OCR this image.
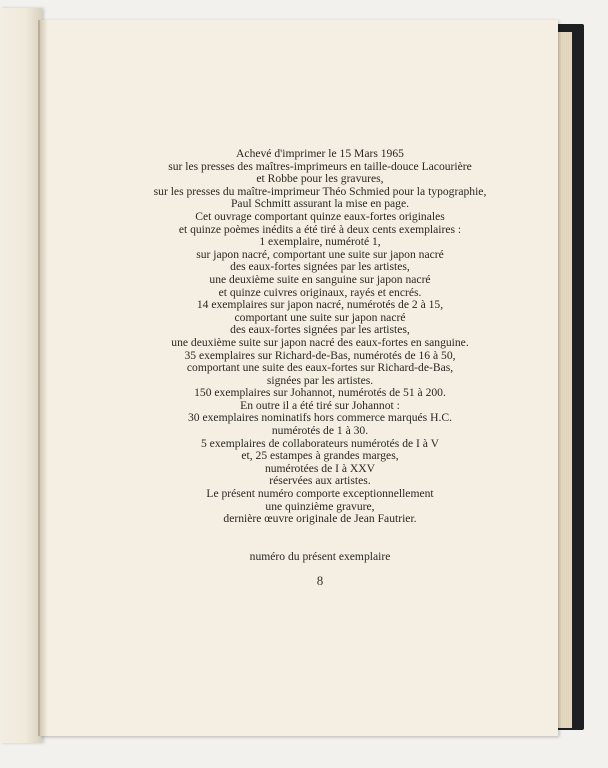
Achevé d'imprimer le 15 Mars 1965
sur les presses des maîtres-imprimeurs en taille-douce Lacourière
et Robbe pour les gravures,
sur les presses du maître-imprimeur Théo Schmied pour la typographie,
Paul Schmitt assurant la mise en page.
Cet ouvrage comportant quinze eaux-fortes originales
et quinze poèmes inédits a été tiré à deux cents exemplaires :
1 exemplaire, numéroté 1,
sur japon nacré, comportant une suite sur japon nacré
des eaux-fortes signées par les artistes,
une deuxième suite en sanguine sur japon nacré
et quinze cuivres originaux, rayés et encrés.
14 exemplaires sur japon nacré, numérotés de 2 à 15,
comportant une suite sur japon nacré
des eaux-fortes signées par les artistes,
une deuxième suite sur japon nacré des eaux-fortes en sanguine.
35 exemplaires sur Richard-de-Bas, numérotés de 16 à 50,
comportant une suite des eaux-fortes sur Richard-de-Bas,
signées par les artistes.
150 exemplaires sur Johannot, numérotés de 51 à 200.
En outre il a été tiré sur Johannot :
30 exemplaires nominatifs hors commerce marqués H.C.
numérotés de 1 à 30.
5 exemplaires de collaborateurs numérotés de I à V
et, 25 estampes à grandes marges,
numérotées de I à XXV
réservées aux artistes.
Le présent numéro comporte exceptionnellement
une quinzième gravure,
dernière œuvre originale de Jean Fautrier.
numéro du présent exemplaire
8
